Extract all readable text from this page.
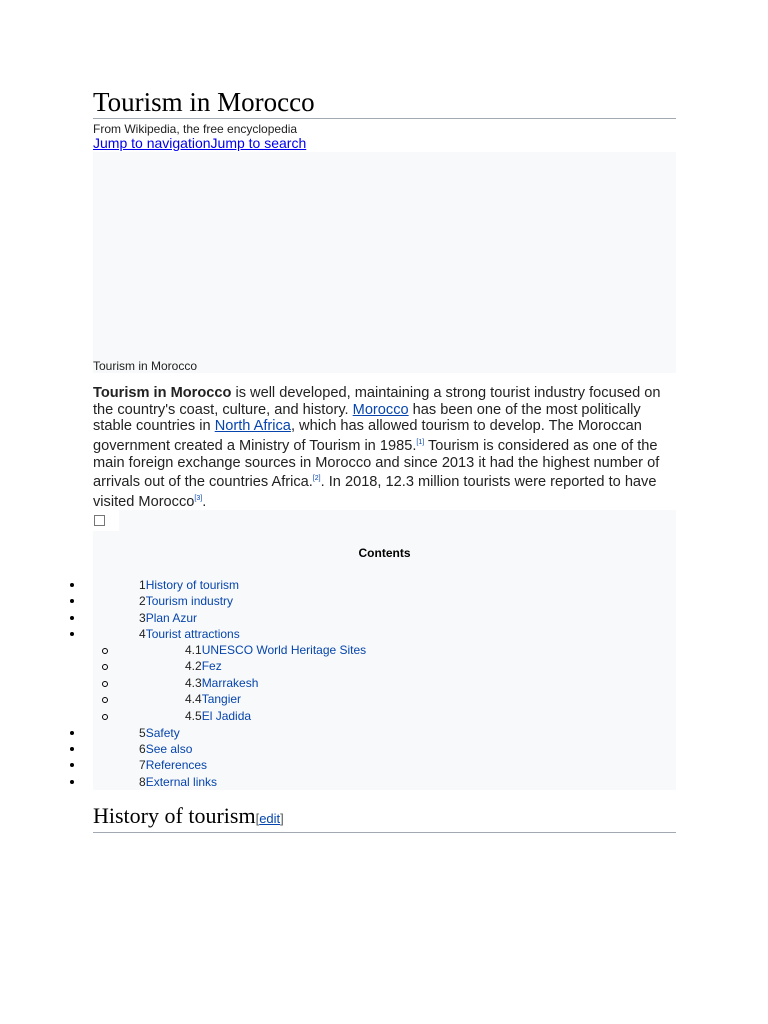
Tourism in Morocco
From Wikipedia, the free encyclopedia
Jump to navigationJump to search
Tourism in Morocco

Tourism in Morocco is well developed, maintaining a strong tourist industry focused on the country's coast, culture, and history. Morocco has been one of the most politically stable countries in North Africa, which has allowed tourism to develop. The Moroccan government created a Ministry of Tourism in 1985.[1] Tourism is considered as one of the main foreign exchange sources in Morocco and since 2013 it had the highest number of arrivals out of the countries Africa.[2]. In 2018, 12.3 million tourists were reported to have visited Morocco[3].

Contents
1History of tourism
2Tourism industry
3Plan Azur
4Tourist attractions
4.1UNESCO World Heritage Sites
4.2Fez
4.3Marrakesh
4.4Tangier
4.5El Jadida
5Safety
6See also
7References
8External links
History of tourism[edit]
